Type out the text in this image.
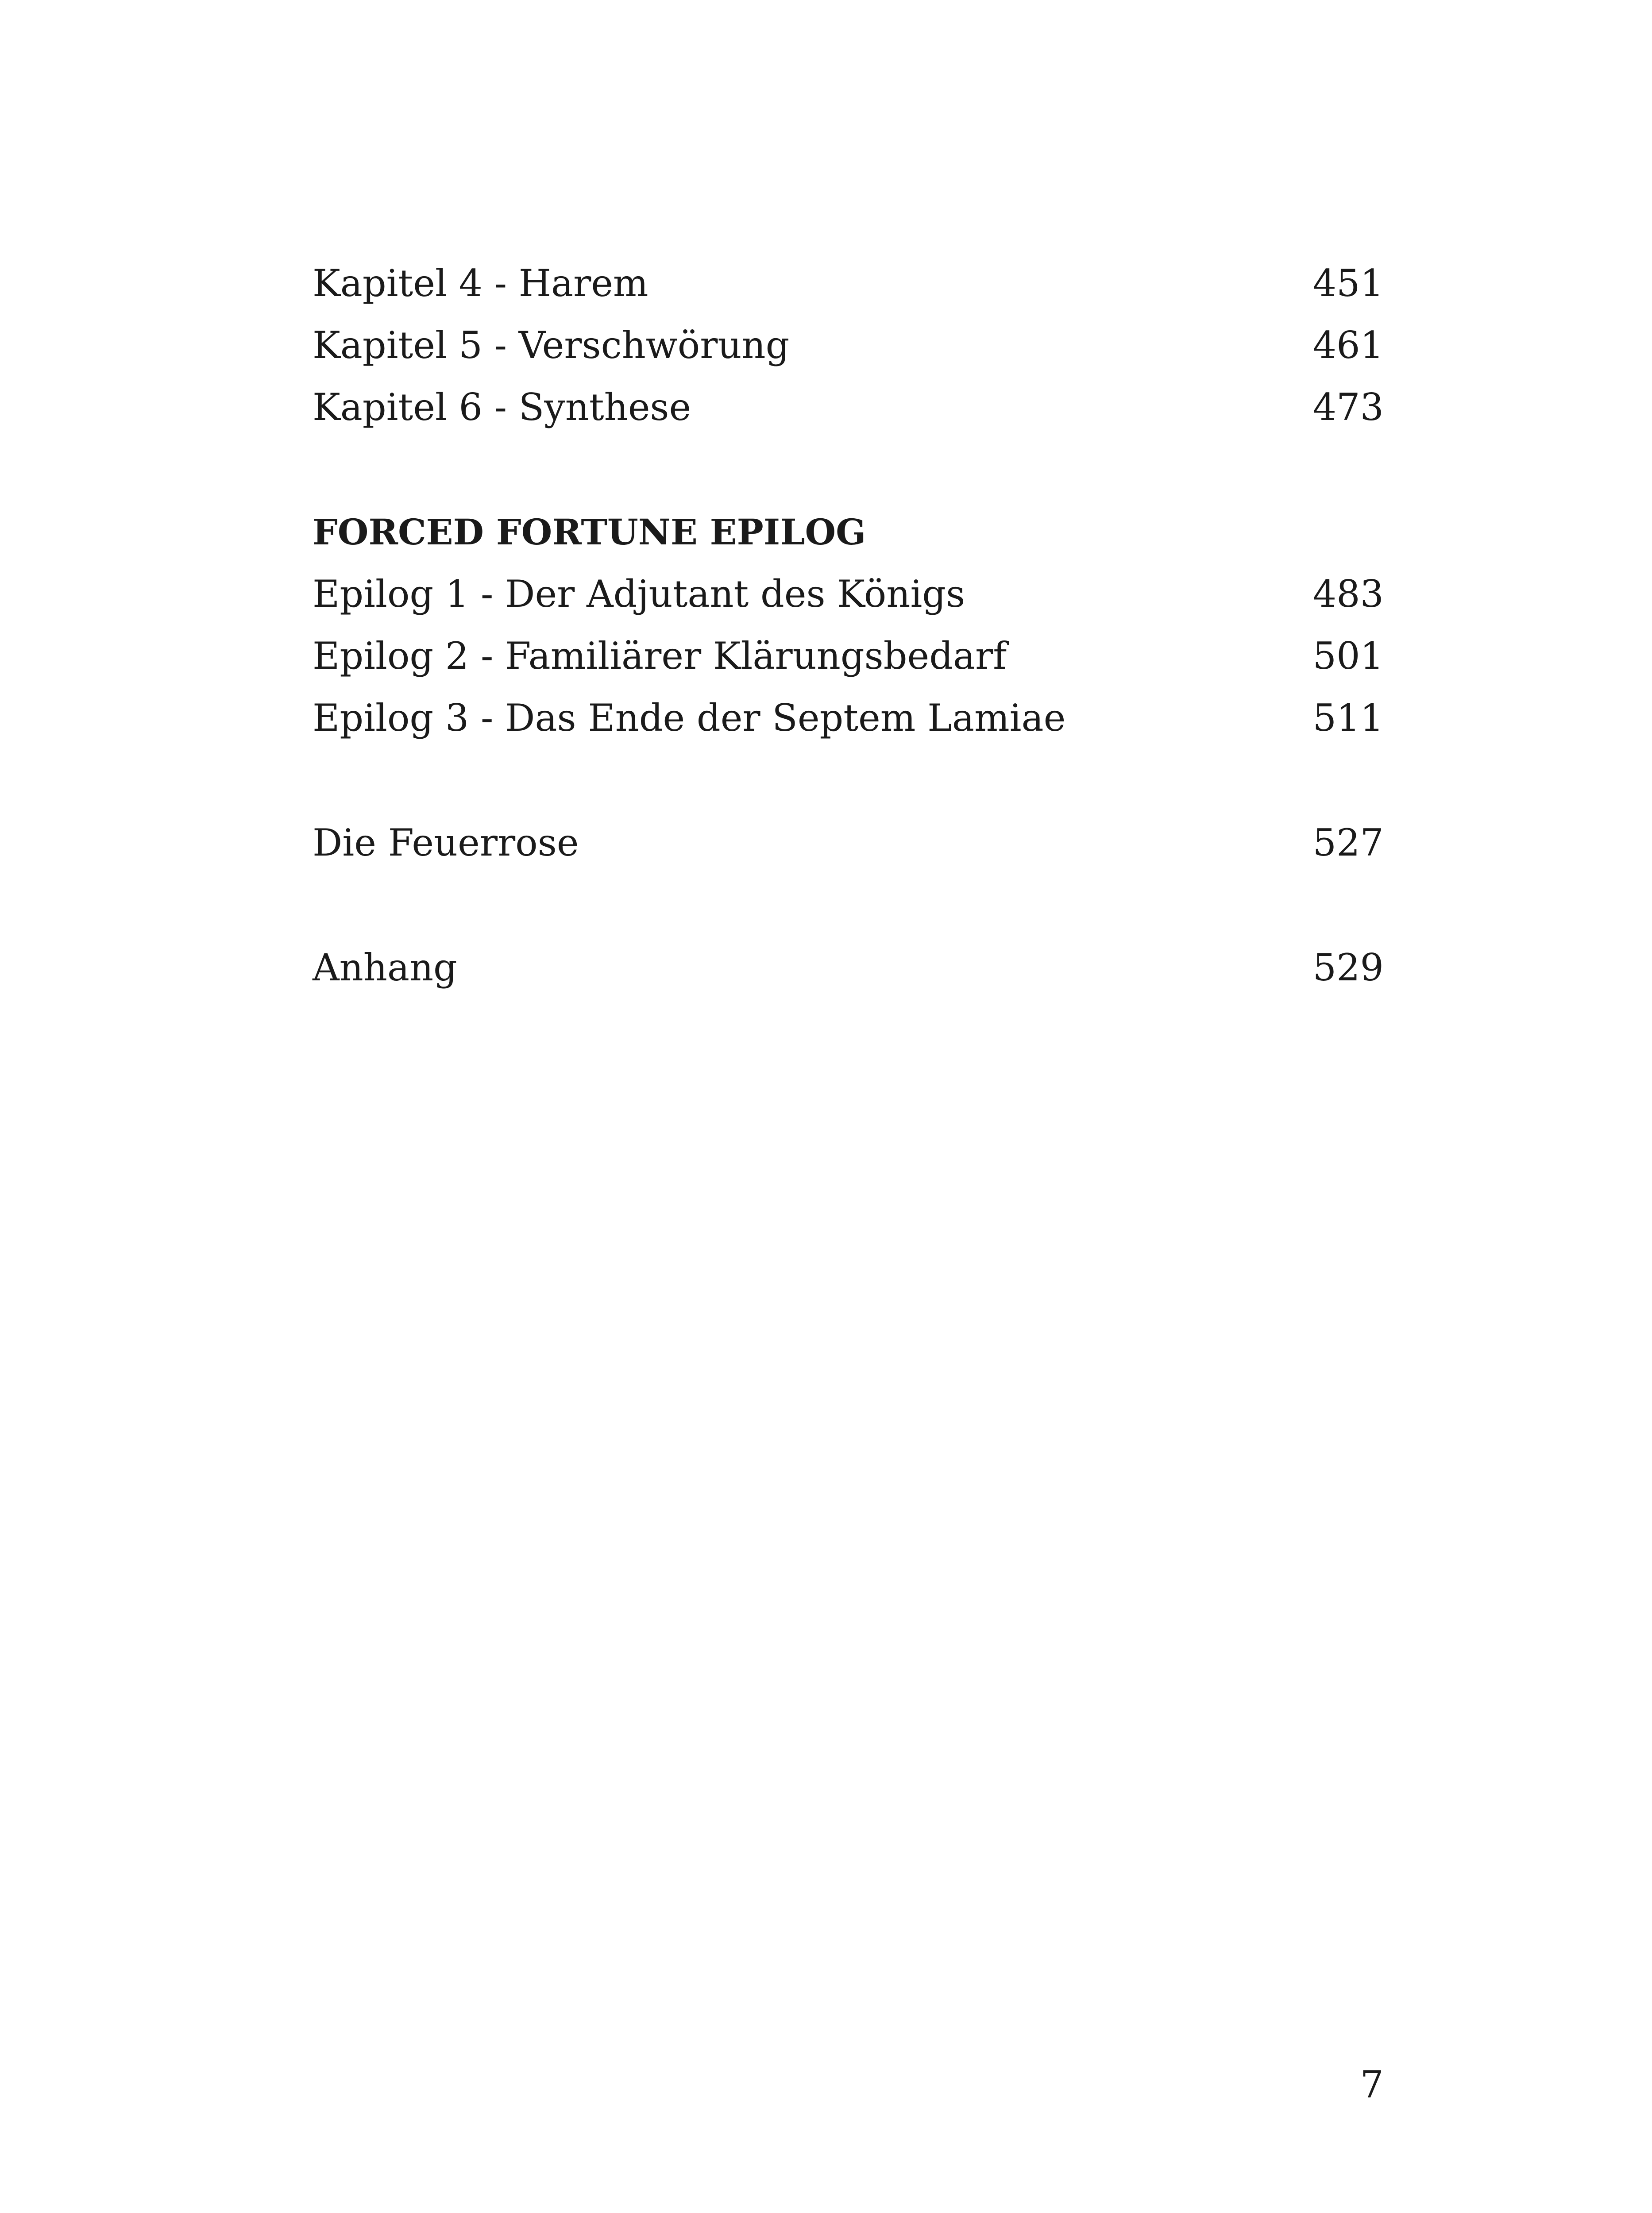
Kapitel 4 - Harem	451
Kapitel 5 - Verschwörung	461
Kapitel 6 - Synthese	473
FORCED FORTUNE EPILOG
Epilog 1 - Der Adjutant des Königs	483
Epilog 2 - Familiärer Klärungsbedarf	501
Epilog 3 - Das Ende der Septem Lamiae	511
Die Feuerrose	527
Anhang	529
7
